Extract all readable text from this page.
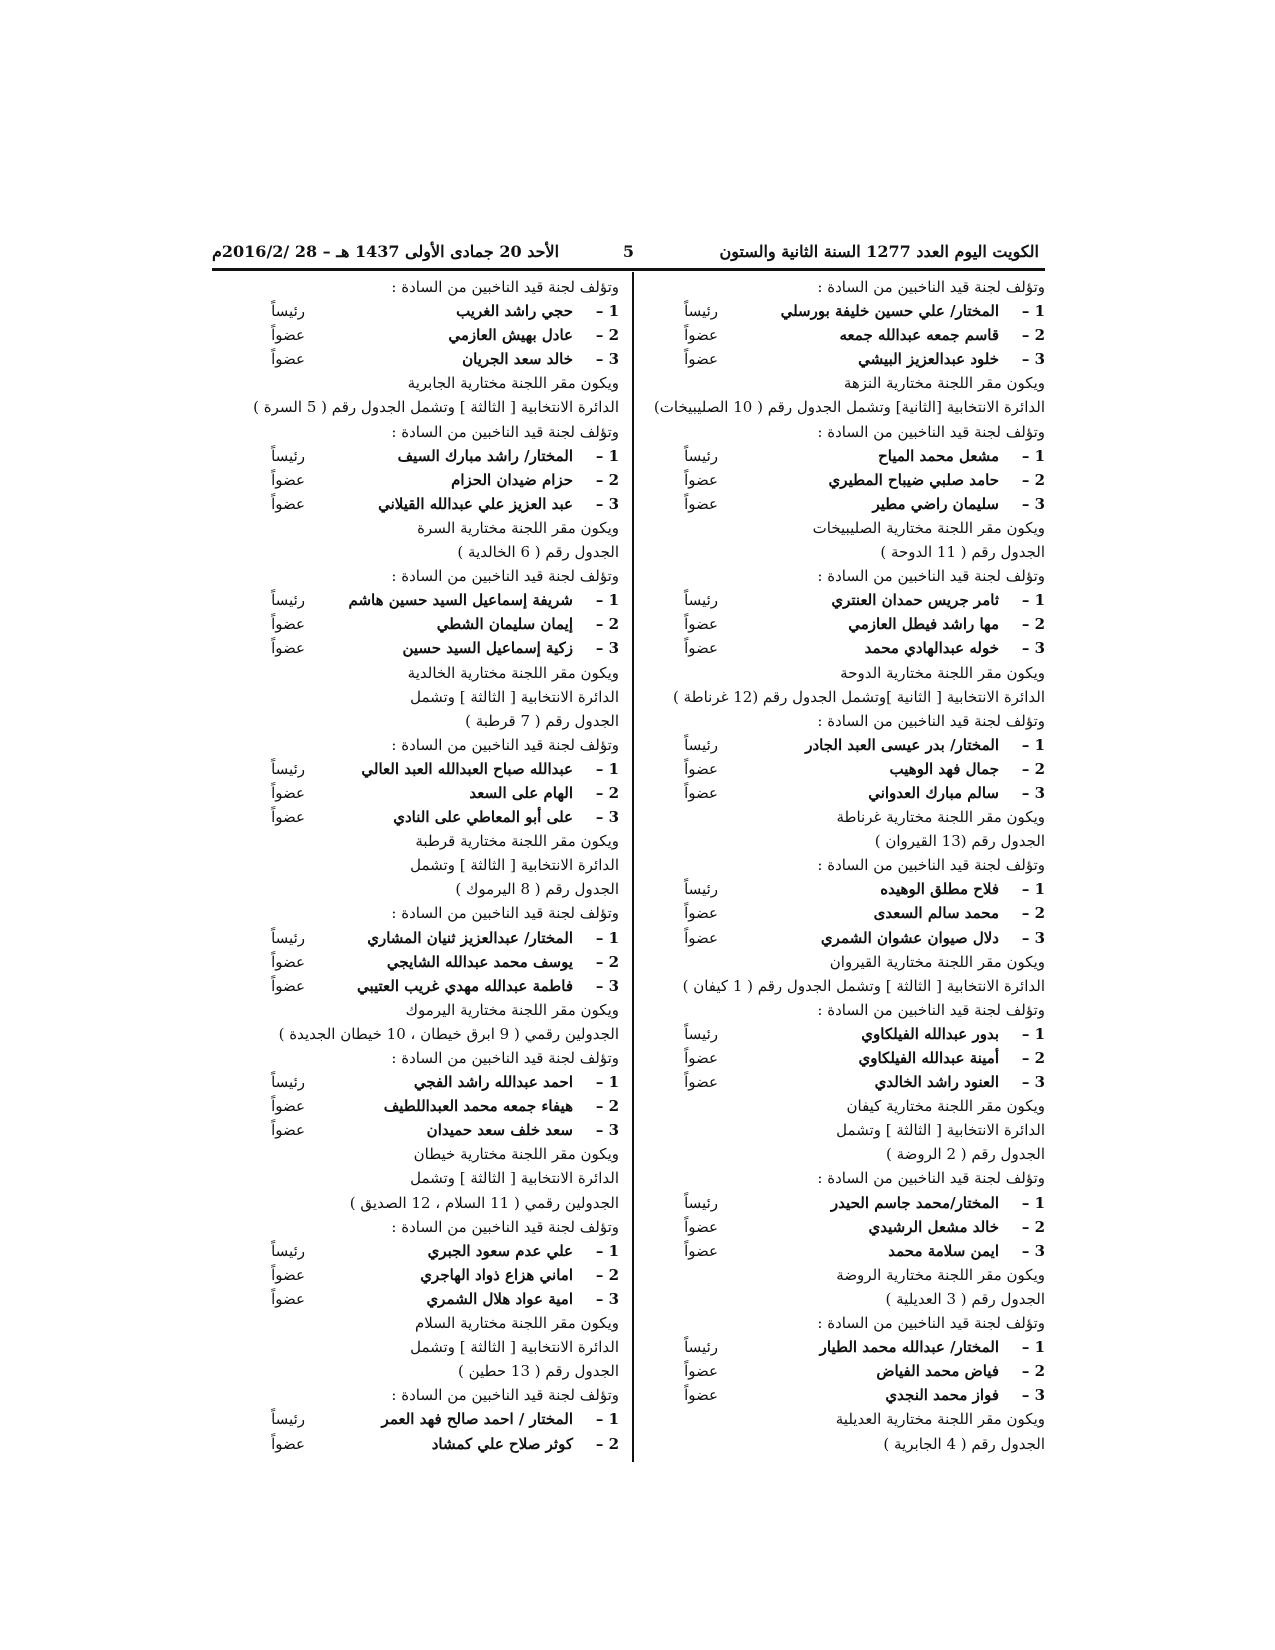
الكويت اليوم العدد 1277 السنة الثانية والستون
5
الأحد 20 جمادى الأولى 1437 هـ – 28 /2016/2م
وتؤلف لجنة قيد الناخبين من السادة :
1 –
المختار/ علي حسين خليفة بورسلي
رئيساً
2 –
قاسم جمعه عبدالله جمعه
عضواً
3 –
خلود عبدالعزيز البيشي
عضواً
ويكون مقر اللجنة مختارية النزهة
الدائرة الانتخابية [الثانية] وتشمل الجدول رقم ( 10 الصليبيخات)
وتؤلف لجنة قيد الناخبين من السادة :
1 –
مشعل محمد المياح
رئيساً
2 –
حامد صلبي ضيباح المطيري
عضواً
3 –
سليمان راضي مطير
عضواً
ويكون مقر اللجنة مختارية الصليبيخات
الجدول رقم ( 11 الدوحة )
وتؤلف لجنة قيد الناخبين من السادة :
1 –
ثامر جريس حمدان العنتري
رئيساً
2 –
مها راشد فيطل العازمي
عضواً
3 –
خوله عبدالهادي محمد
عضواً
ويكون مقر اللجنة مختارية الدوحة
الدائرة الانتخابية [ الثانية ]وتشمل الجدول رقم (12 غرناطة )
وتؤلف لجنة قيد الناخبين من السادة :
1 –
المختار/ بدر عيسى العبد الجادر
رئيساً
2 –
جمال فهد الوهيب
عضواً
3 –
سالم مبارك العدواني
عضواً
ويكون مقر اللجنة مختارية غرناطة
الجدول رقم (13 القيروان )
وتؤلف لجنة قيد الناخبين من السادة :
1 –
فلاح مطلق الوهيده
رئيساً
2 –
محمد سالم السعدى
عضواً
3 –
دلال صيوان عشوان الشمري
عضواً
ويكون مقر اللجنة مختارية القيروان
الدائرة الانتخابية [ الثالثة ] وتشمل الجدول رقم ( 1 كيفان )
وتؤلف لجنة قيد الناخبين من السادة :
1 –
بدور عبدالله الفيلكاوي
رئيساً
2 –
أمينة عبدالله الفيلكاوي
عضواً
3 –
العنود راشد الخالدي
عضواً
ويكون مقر اللجنة مختارية كيفان
الدائرة الانتخابية [ الثالثة ] وتشمل
الجدول رقم ( 2 الروضة )
وتؤلف لجنة قيد الناخبين من السادة :
1 –
المختار/محمد جاسم الحيدر
رئيساً
2 –
خالد مشعل الرشيدي
عضواً
3 –
ايمن سلامة محمد
عضواً
ويكون مقر اللجنة مختارية الروضة
الجدول رقم ( 3 العديلية )
وتؤلف لجنة قيد الناخبين من السادة :
1 –
المختار/ عبدالله محمد الطيار
رئيساً
2 –
فياض محمد الفياض
عضواً
3 –
فواز محمد النجدي
عضواً
ويكون مقر اللجنة مختارية العديلية
الجدول رقم ( 4 الجابرية )
وتؤلف لجنة قيد الناخبين من السادة :
1 –
حجي راشد الغريب
رئيساً
2 –
عادل بهيش العازمي
عضواً
3 –
خالد سعد الجريان
عضواً
ويكون مقر اللجنة مختارية الجابرية
الدائرة الانتخابية [ الثالثة ] وتشمل الجدول رقم ( 5 السرة )
وتؤلف لجنة قيد الناخبين من السادة :
1 –
المختار/ راشد مبارك السيف
رئيساً
2 –
حزام ضيدان الحزام
عضواً
3 –
عبد العزيز علي عبدالله القيلاني
عضواً
ويكون مقر اللجنة مختارية السرة
الجدول رقم ( 6 الخالدية )
وتؤلف لجنة قيد الناخبين من السادة :
1 –
شريفة إسماعيل السيد حسين هاشم
رئيساً
2 –
إيمان سليمان الشطي
عضواً
3 –
زكية إسماعيل السيد حسين
عضواً
ويكون مقر اللجنة مختارية الخالدية
الدائرة الانتخابية [ الثالثة ] وتشمل
الجدول رقم ( 7 قرطبة )
وتؤلف لجنة قيد الناخبين من السادة :
1 –
عبدالله صباح العبدالله العبد العالي
رئيساً
2 –
الهام على السعد
عضواً
3 –
على أبو المعاطي على النادي
عضواً
ويكون مقر اللجنة مختارية قرطبة
الدائرة الانتخابية [ الثالثة ] وتشمل
الجدول رقم ( 8 اليرموك )
وتؤلف لجنة قيد الناخبين من السادة :
1 –
المختار/ عبدالعزيز ثنيان المشاري
رئيساً
2 –
يوسف محمد عبدالله الشايجي
عضواً
3 –
فاطمة عبدالله مهدي غريب العتيبي
عضواً
ويكون مقر اللجنة مختارية اليرموك
الجدولين رقمي ( 9 ابرق خيطان ، 10 خيطان الجديدة )
وتؤلف لجنة قيد الناخبين من السادة :
1 –
احمد عبدالله راشد الفجي
رئيساً
2 –
هيفاء جمعه محمد العبداللطيف
عضواً
3 –
سعد خلف سعد حميدان
عضواً
ويكون مقر اللجنة مختارية خيطان
الدائرة الانتخابية [ الثالثة ] وتشمل
الجدولين رقمي ( 11 السلام ، 12 الصديق )
وتؤلف لجنة قيد الناخبين من السادة :
1 –
علي عدم سعود الجبري
رئيساً
2 –
اماني هزاع ذواد الهاجري
عضواً
3 –
امية عواد هلال الشمري
عضواً
ويكون مقر اللجنة مختارية السلام
الدائرة الانتخابية [ الثالثة ] وتشمل
الجدول رقم ( 13 حطين )
وتؤلف لجنة قيد الناخبين من السادة :
1 –
المختار / احمد صالح فهد العمر
رئيساً
2 –
كوثر صلاح علي كمشاد
عضواً
